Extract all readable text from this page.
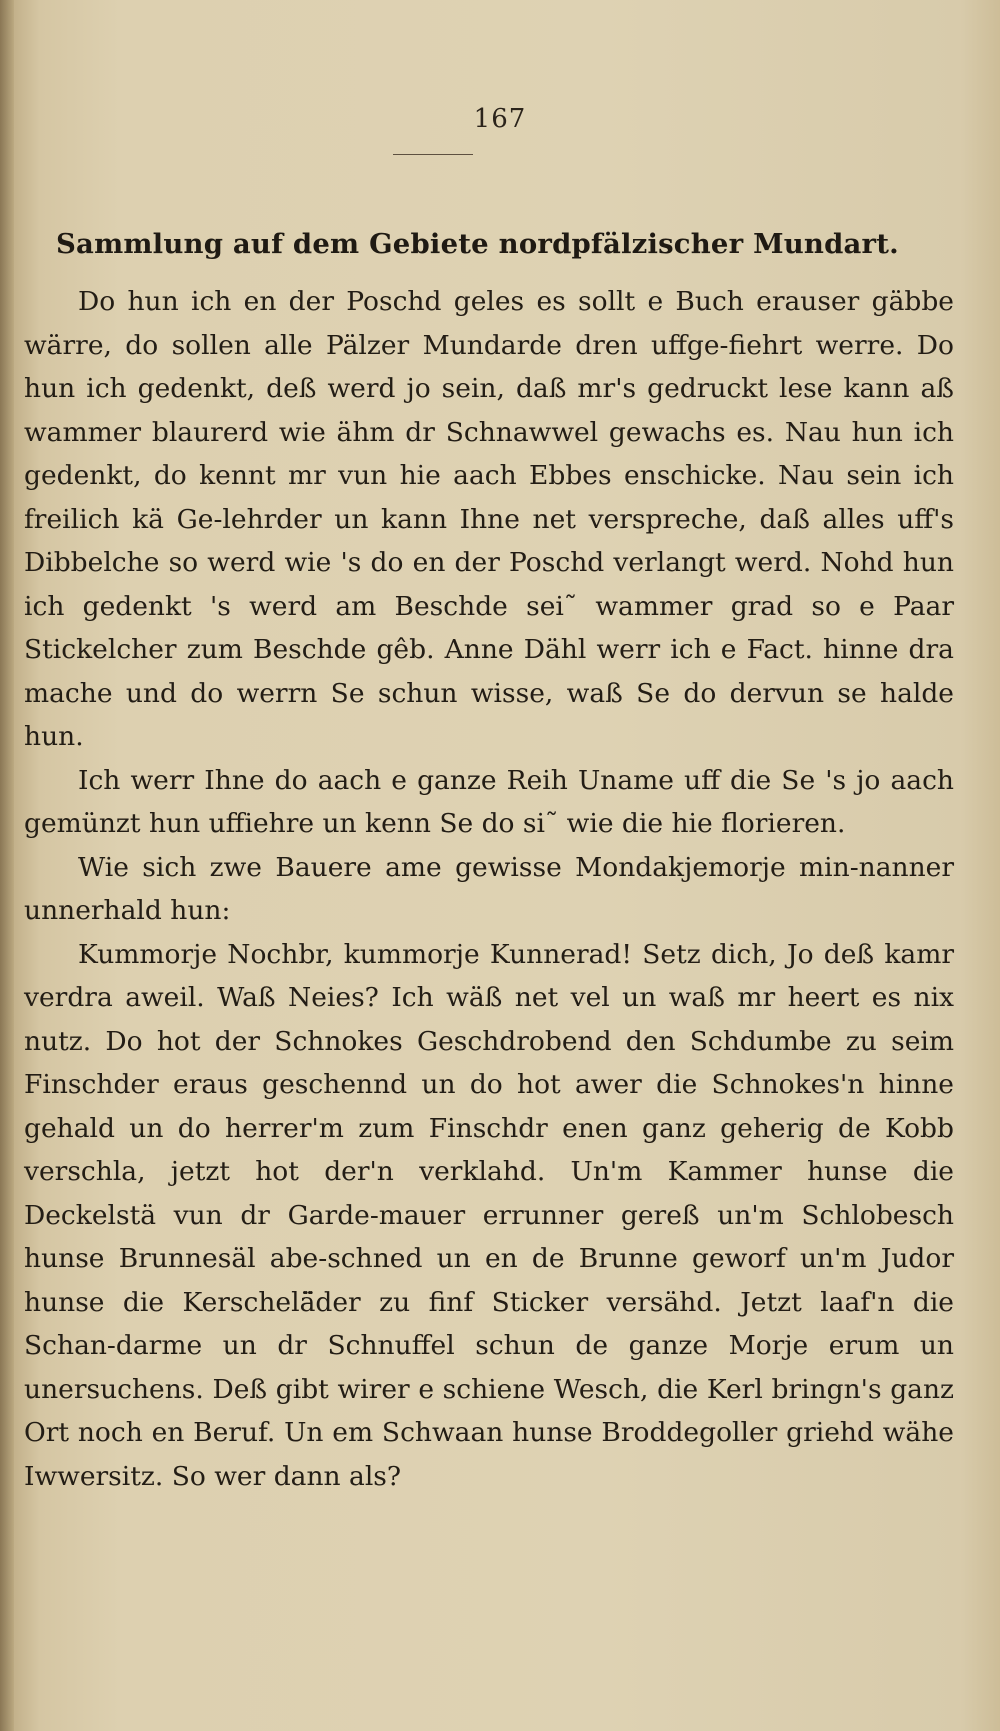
167
Sammlung auf dem Gebiete nordpfälzischer Mundart.

Do hun ich en der Poschd geles es sollt e Buch erauser gäbbe wärre, do sollen alle Pälzer Mundarde dren uffge-fiehrt werre. Do hun ich gedenkt, deß werd jo sein, daß mr's gedruckt lese kann aß wammer blaurerd wie ähm dr Schnawwel gewachs es. Nau hun ich gedenkt, do kennt mr vun hie aach Ebbes enschicke. Nau sein ich freilich kä Ge-lehrder un kann Ihne net verspreche, daß alles uff's Dibbelche so werd wie 's do en der Poschd verlangt werd. Nohd hun ich gedenkt 's werd am Beschde sei˜ wammer grad so e Paar Stickelcher zum Beschde gêb. Anne Dähl werr ich e Fact. hinne dra mache und do werrn Se schun wisse, waß Se do dervun se halde hun.

Ich werr Ihne do aach e ganze Reih Uname uff die Se 's jo aach gemünzt hun uffiehre un kenn Se do si˜ wie die hie florieren.

Wie sich zwe Bauere ame gewisse Mondakjemorje min-nanner unnerhald hun:

Kummorje Nochbr, kummorje Kunnerad! Setz dich, Jo deß kamr verdra aweil. Waß Neies? Ich wäß net vel un waß mr heert es nix nutz. Do hot der Schnokes Geschdrobend den Schdumbe zu seim Finschder eraus geschennd un do hot awer die Schnokes'n hinne gehald un do herrer'm zum Finschdr enen ganz geherig de Kobb verschla, jetzt hot der'n verklahd. Un'm Kammer hunse die Deckelstä vun dr Garde-mauer errunner gereß un'm Schlobesch hunse Brunnesäl abe-schned un en de Brunne geworf un'm Judor hunse die Kerschelä̈der zu finf Sticker versähd. Jetzt laaf'n die Schan-darme un dr Schnuffel schun de ganze Morje erum un unersuchens. Deß gibt wirer e schiene Wesch, die Kerl bringn's ganz Ort noch en Beruf. Un em Schwaan hunse Broddegoller griehd wähe Iwwersitz. So wer dann als?
